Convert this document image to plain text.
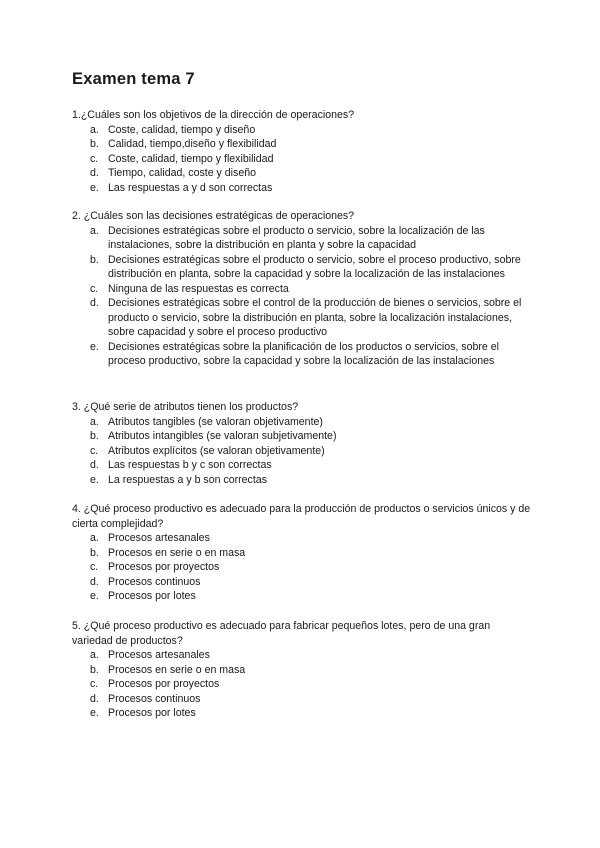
Examen tema 7

1.¿Cuáles son los objetivos de la dirección de operaciones?

a. Coste, calidad, tiempo y diseño
b. Calidad, tiempo,diseño y flexibilidad
c. Coste, calidad, tiempo y flexibilidad
d. Tiempo, calidad, coste y diseño
e. Las respuestas a y d son correctas

2. ¿Cuáles son las decisiones estratégicas de operaciones?

a. Decisiones estratégicas sobre el producto o servicio, sobre la localización de las instalaciones, sobre la distribución en planta y sobre la capacidad
b. Decisiones estratégicas sobre el producto o servicio, sobre el proceso productivo, sobre distribución en planta, sobre la capacidad y sobre la localización de las instalaciones
c. Ninguna de las respuestas es correcta
d. Decisiones estratégicas sobre el control de la producción de bienes o servicios, sobre el producto o servicio, sobre la distribución en planta, sobre la localización instalaciones, sobre capacidad y sobre el proceso productivo
e. Decisiones estratégicas sobre la planificación de los productos o servicios, sobre el proceso productivo, sobre la capacidad y sobre la localización de las instalaciones

3. ¿Qué serie de atributos tienen los productos?

a. Atributos tangibles (se valoran objetivamente)
b. Atributos intangibles (se valoran subjetivamente)
c. Atributos explícitos (se valoran objetivamente)
d. Las respuestas b y c son correctas
e. La respuestas a y b son correctas

4. ¿Qué proceso productivo es adecuado para la producción de productos o servicios únicos y de cierta complejidad?

a. Procesos artesanales
b. Procesos en serie o en masa
c. Procesos por proyectos
d. Procesos continuos
e. Procesos por lotes

5. ¿Qué proceso productivo es adecuado para fabricar pequeños lotes, pero de una gran variedad de productos?

a. Procesos artesanales
b. Procesos en serie o en masa
c. Procesos por proyectos
d. Procesos continuos
e. Procesos por lotes
